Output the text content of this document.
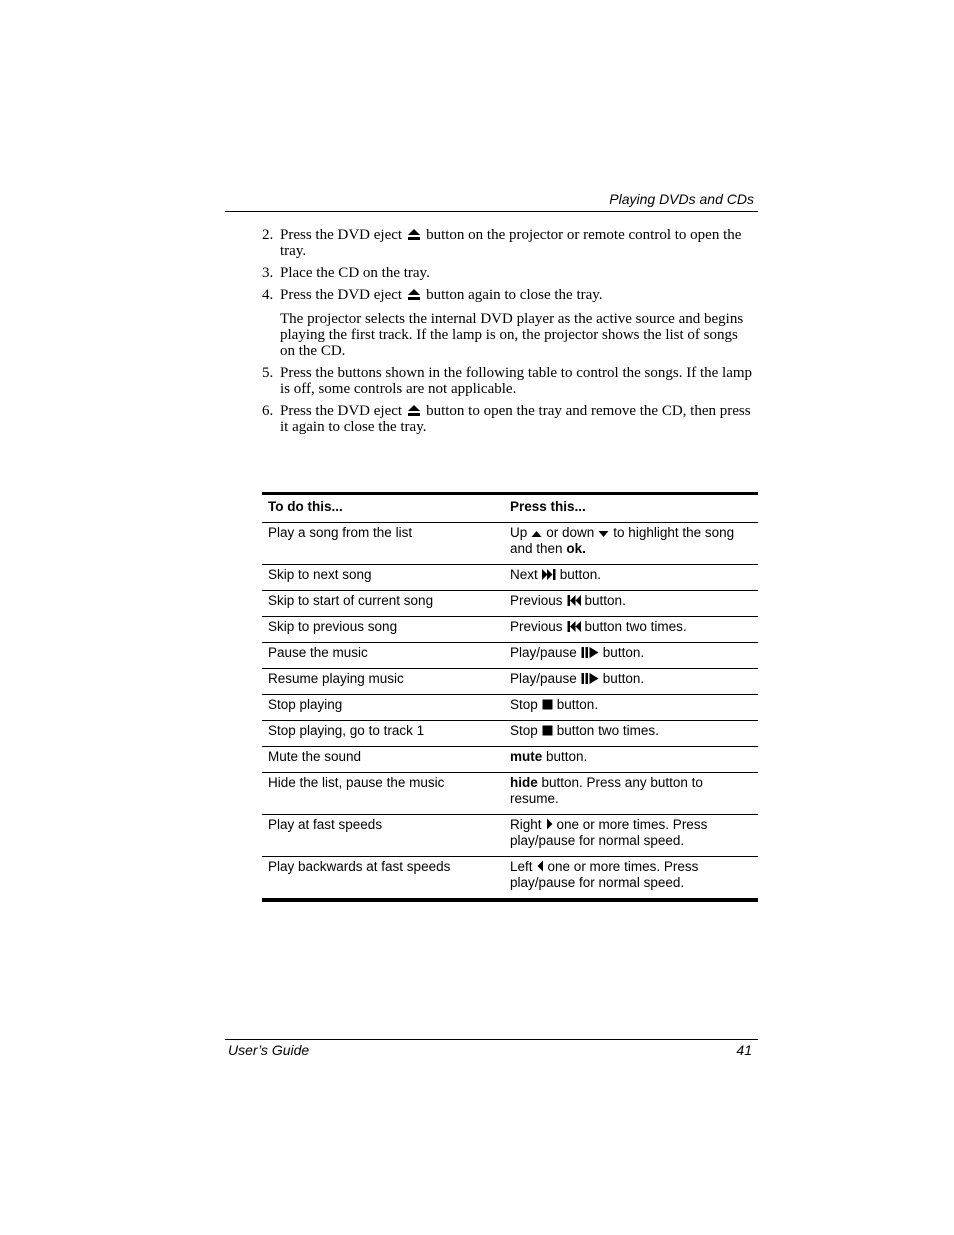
Playing DVDs and CDs
2. Press the DVD eject button on the projector or remote control to open the tray.
3. Place the CD on the tray.
4. Press the DVD eject button again to close the tray.
The projector selects the internal DVD player as the active source and begins playing the first track. If the lamp is on, the projector shows the list of songs on the CD.
5. Press the buttons shown in the following table to control the songs. If the lamp is off, some controls are not applicable.
6. Press the DVD eject button to open the tray and remove the CD, then press it again to close the tray.
To do this...	Press this...
Play a song from the list	Up or down to highlight the song and then ok.
Skip to next song	Next button.
Skip to start of current song	Previous button.
Skip to previous song	Previous button two times.
Pause the music	Play/pause button.
Resume playing music	Play/pause button.
Stop playing	Stop button.
Stop playing, go to track 1	Stop button two times.
Mute the sound	mute button.
Hide the list, pause the music	hide button. Press any button to resume.
Play at fast speeds	Right one or more times. Press play/pause for normal speed.
Play backwards at fast speeds	Left one or more times. Press play/pause for normal speed.
User’s Guide	41
